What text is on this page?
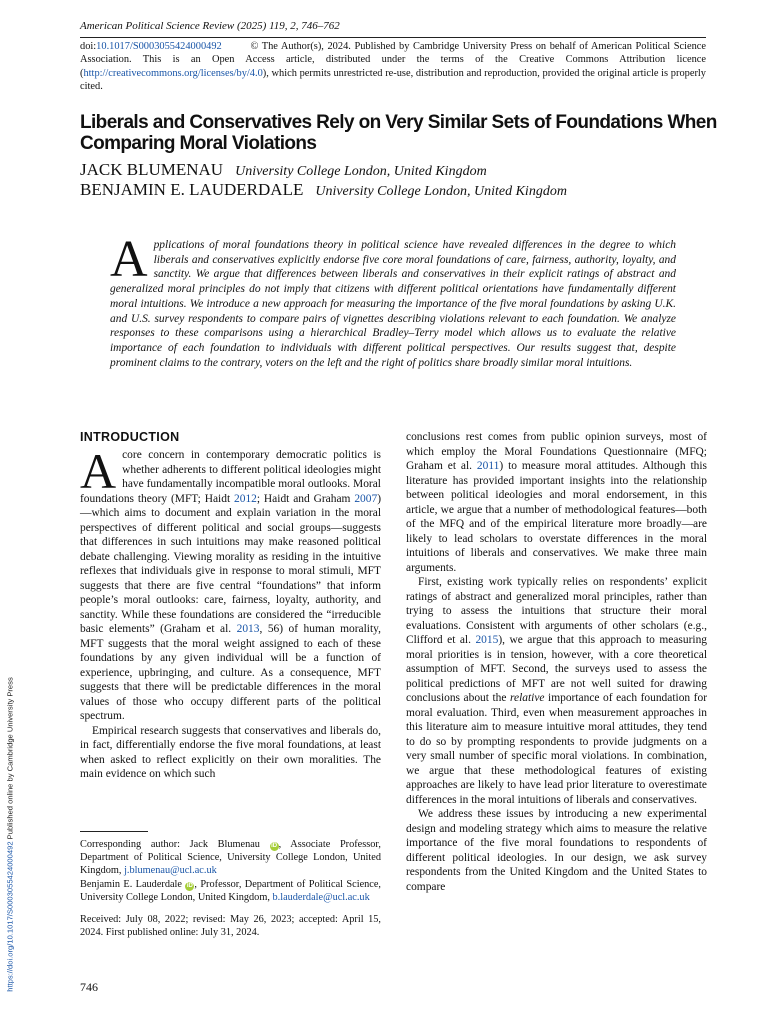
American Political Science Review (2025) 119, 2, 746–762
doi:10.1017/S0003055424000492	© The Author(s), 2024. Published by Cambridge University Press on behalf of American Political Science Association. This is an Open Access article, distributed under the terms of the Creative Commons Attribution licence (http://creativecommons.org/licenses/by/4.0), which permits unrestricted re-use, distribution and reproduction, provided the original article is properly cited.
Liberals and Conservatives Rely on Very Similar Sets of Foundations When Comparing Moral Violations
JACK BLUMENAU University College London, United Kingdom
BENJAMIN E. LAUDERDALE University College London, United Kingdom
Applications of moral foundations theory in political science have revealed differences in the degree to which liberals and conservatives explicitly endorse five core moral foundations of care, fairness, authority, loyalty, and sanctity. We argue that differences between liberals and conservatives in their explicit ratings of abstract and generalized moral principles do not imply that citizens with different political orientations have fundamentally different moral intuitions. We introduce a new approach for measuring the importance of the five moral foundations by asking U.K. and U.S. survey respondents to compare pairs of vignettes describing violations relevant to each foundation. We analyze responses to these comparisons using a hierarchical Bradley–Terry model which allows us to evaluate the relative importance of each foundation to individuals with different political perspectives. Our results suggest that, despite prominent claims to the contrary, voters on the left and the right of politics share broadly similar moral intuitions.
INTRODUCTION

Acore concern in contemporary democratic politics is whether adherents to different political ideologies might have fundamentally incompatible moral outlooks. Moral foundations theory (MFT; Haidt 2012; Haidt and Graham 2007)—which aims to document and explain variation in the moral perspectives of different political and social groups—suggests that differences in such intuitions may make reasoned political debate challenging. Viewing morality as residing in the intuitive reflexes that individuals give in response to moral stimuli, MFT suggests that there are five central “foundations” that inform people’s moral outlooks: care, fairness, loyalty, authority, and sanctity. While these foundations are considered the “irreducible basic elements” (Graham et al. 2013, 56) of human morality, MFT suggests that the moral weight assigned to each of these foundations by any given individual will be a function of experience, upbringing, and culture. As a consequence, MFT suggests that there will be predictable differences in the moral values of those who occupy different parts of the political spectrum.

Empirical research suggests that conservatives and liberals do, in fact, differentially endorse the five moral foundations, at least when asked to reflect explicitly on their own moralities. The main evidence on which such

conclusions rest comes from public opinion surveys, most of which employ the Moral Foundations Questionnaire (MFQ; Graham et al. 2011) to measure moral attitudes. Although this literature has provided important insights into the relationship between political ideologies and moral endorsement, in this article, we argue that a number of methodological features—both of the MFQ and of the empirical literature more broadly—are likely to lead scholars to overstate differences in the moral intuitions of liberals and conservatives. We make three main arguments.

First, existing work typically relies on respondents’ explicit ratings of abstract and generalized moral principles, rather than trying to assess the intuitions that structure their moral evaluations. Consistent with arguments of other scholars (e.g., Clifford et al. 2015), we argue that this approach to measuring moral priorities is in tension, however, with a core theoretical assumption of MFT. Second, the surveys used to assess the political predictions of MFT are not well suited for drawing conclusions about the relative importance of each foundation for moral evaluation. Third, even when measurement approaches in this literature aim to measure intuitive moral attitudes, they tend to do so by prompting respondents to provide judgments on a very small number of specific moral violations. In combination, we argue that these methodological features of existing approaches are likely to have lead prior literature to overestimate differences in the moral intuitions of liberals and conservatives.

We address these issues by introducing a new experimental design and modeling strategy which aims to measure the relative importance of the five moral foundations to respondents of different political ideologies. In our design, we ask survey respondents from the United Kingdom and the United States to compare

Corresponding author: Jack Blumenau iD , Associate Professor, Department of Political Science, University College London, United Kingdom, j.blumenau@ucl.ac.uk

Benjamin E. Lauderdale iD , Professor, Department of Political Science, University College London, United Kingdom, b.lauderdale@ucl.ac.uk

Received: July 08, 2022; revised: May 26, 2023; accepted: April 15, 2024. First published online: July 31, 2024.

746
https://doi.org/10.1017/S0003055424000492 Published online by Cambridge University Press
